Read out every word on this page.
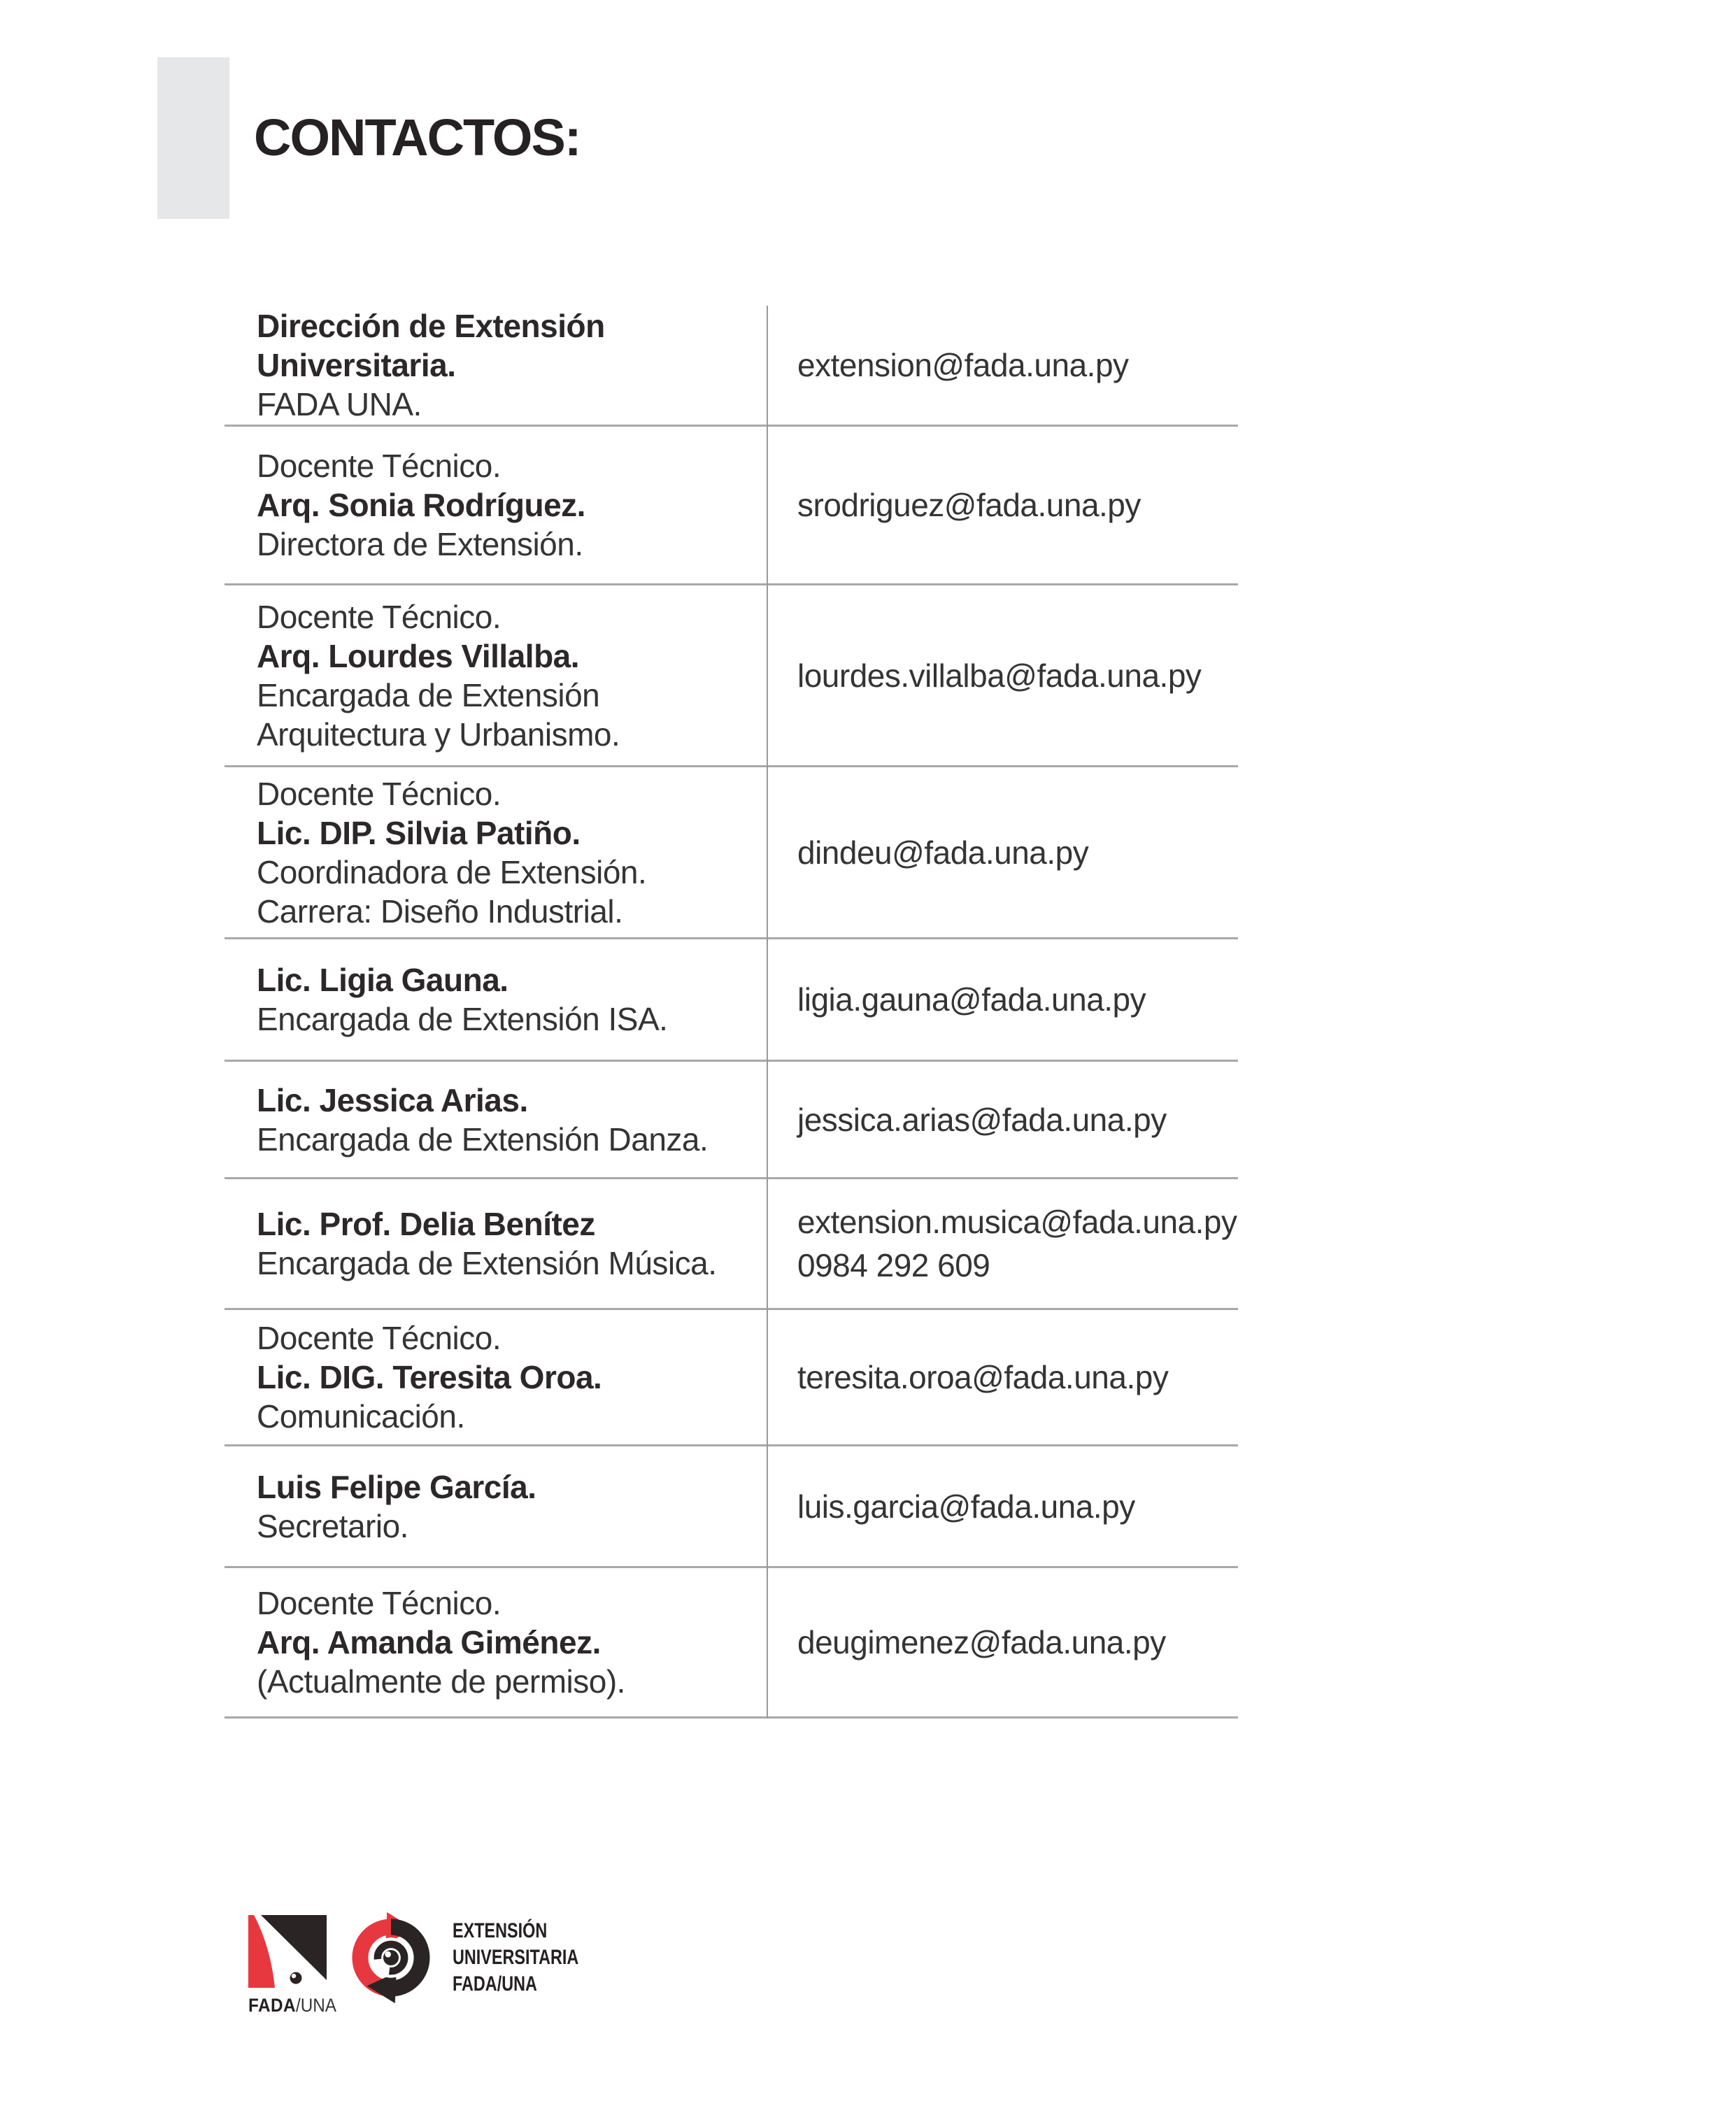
CONTACTOS:
Dirección de Extensión
Universitaria.
FADA UNA.
extension@fada.una.py
Docente Técnico.
Arq. Sonia Rodríguez.
Directora de Extensión.
srodriguez@fada.una.py
Docente Técnico.
Arq. Lourdes Villalba.
Encargada de Extensión
Arquitectura y Urbanismo.
lourdes.villalba@fada.una.py
Docente Técnico.
Lic. DIP. Silvia Patiño.
Coordinadora de Extensión.
Carrera: Diseño Industrial.
dindeu@fada.una.py
Lic. Ligia Gauna.
Encargada de Extensión ISA.
ligia.gauna@fada.una.py
Lic. Jessica Arias.
Encargada de Extensión Danza.
jessica.arias@fada.una.py
Lic. Prof. Delia Benítez
Encargada de Extensión Música.
extension.musica@fada.una.py
0984 292 609
Docente Técnico.
Lic. DIG. Teresita Oroa.
Comunicación.
teresita.oroa@fada.una.py
Luis Felipe García.
Secretario.
luis.garcia@fada.una.py
Docente Técnico.
Arq. Amanda Giménez.
(Actualmente de permiso).
deugimenez@fada.una.py
FADA/UNA
EXTENSIÓN
UNIVERSITARIA
FADA/UNA
